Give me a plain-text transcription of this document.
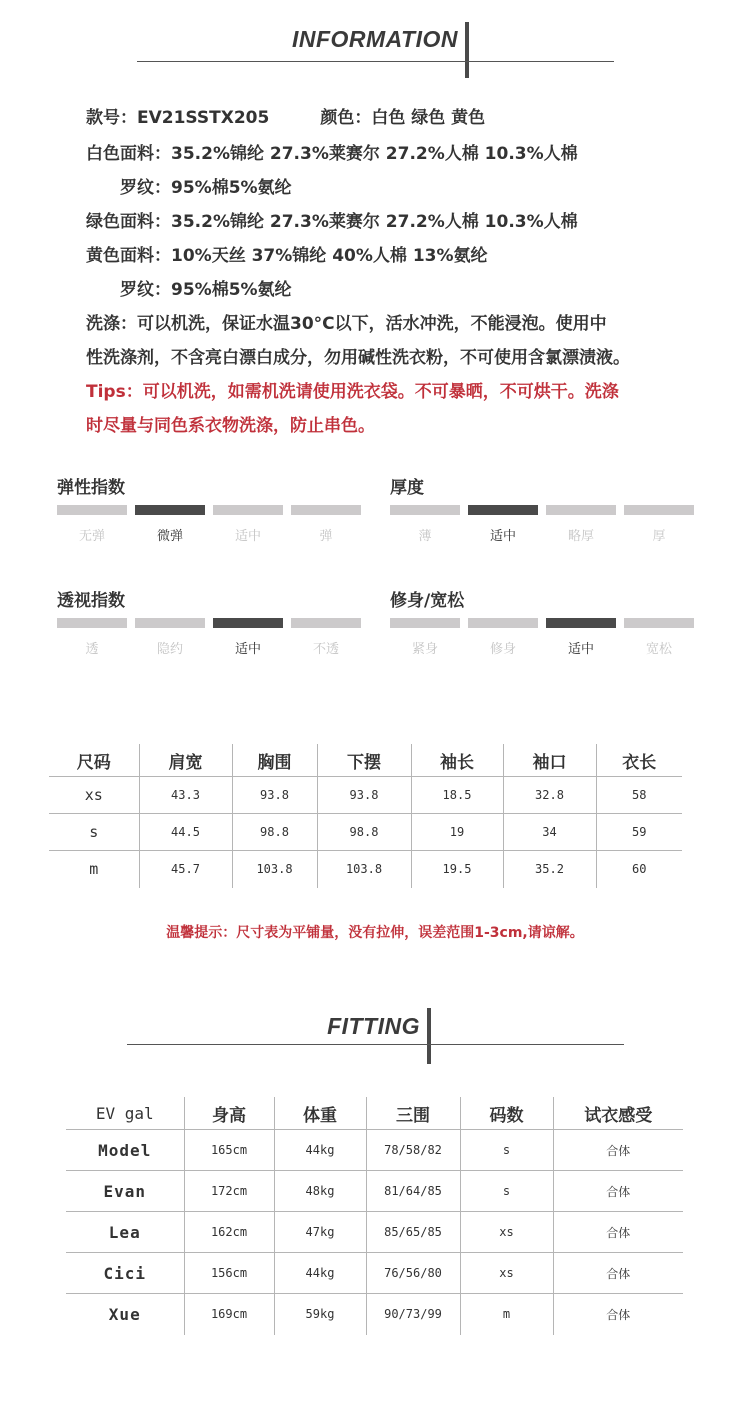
INFORMATION
款号：EV21SSTX205　　　颜色：白色 绿色 黄色
白色面料：35.2%锦纶 27.3%莱赛尔 27.2%人棉 10.3%人棉
　　罗纹：95%棉5%氨纶
绿色面料：35.2%锦纶 27.3%莱赛尔 27.2%人棉 10.3%人棉
黄色面料：10%天丝 37%锦纶 40%人棉 13%氨纶
　　罗纹：95%棉5%氨纶
洗涤：可以机洗，保证水温30°C以下，活水冲洗，不能浸泡。使用中
性洗涤剂，不含亮白漂白成分，勿用碱性洗衣粉，不可使用含氯漂渍液。
Tips：可以机洗，如需机洗请使用洗衣袋。不可暴晒，不可烘干。洗涤
时尽量与同色系衣物洗涤，防止串色。
弹性指数
无弹	微弹	适中	弹
厚度
薄	适中	略厚	厚
透视指数
透	隐约	适中	不透
修身/宽松
紧身	修身	适中	宽松
尺码	肩宽	胸围	下摆	袖长	袖口	衣长
xs	43.3	93.8	93.8	18.5	32.8	58
s	44.5	98.8	98.8	19	34	59
m	45.7	103.8	103.8	19.5	35.2	60
温馨提示：尺寸表为平铺量，没有拉伸，误差范围1-3cm,请谅解。
FITTING
EV gal	身高	体重	三围	码数	试衣感受
Model	165cm	44kg	78/58/82	s	合体
Evan	172cm	48kg	81/64/85	s	合体
Lea	162cm	47kg	85/65/85	xs	合体
Cici	156cm	44kg	76/56/80	xs	合体
Xue	169cm	59kg	90/73/99	m	合体
